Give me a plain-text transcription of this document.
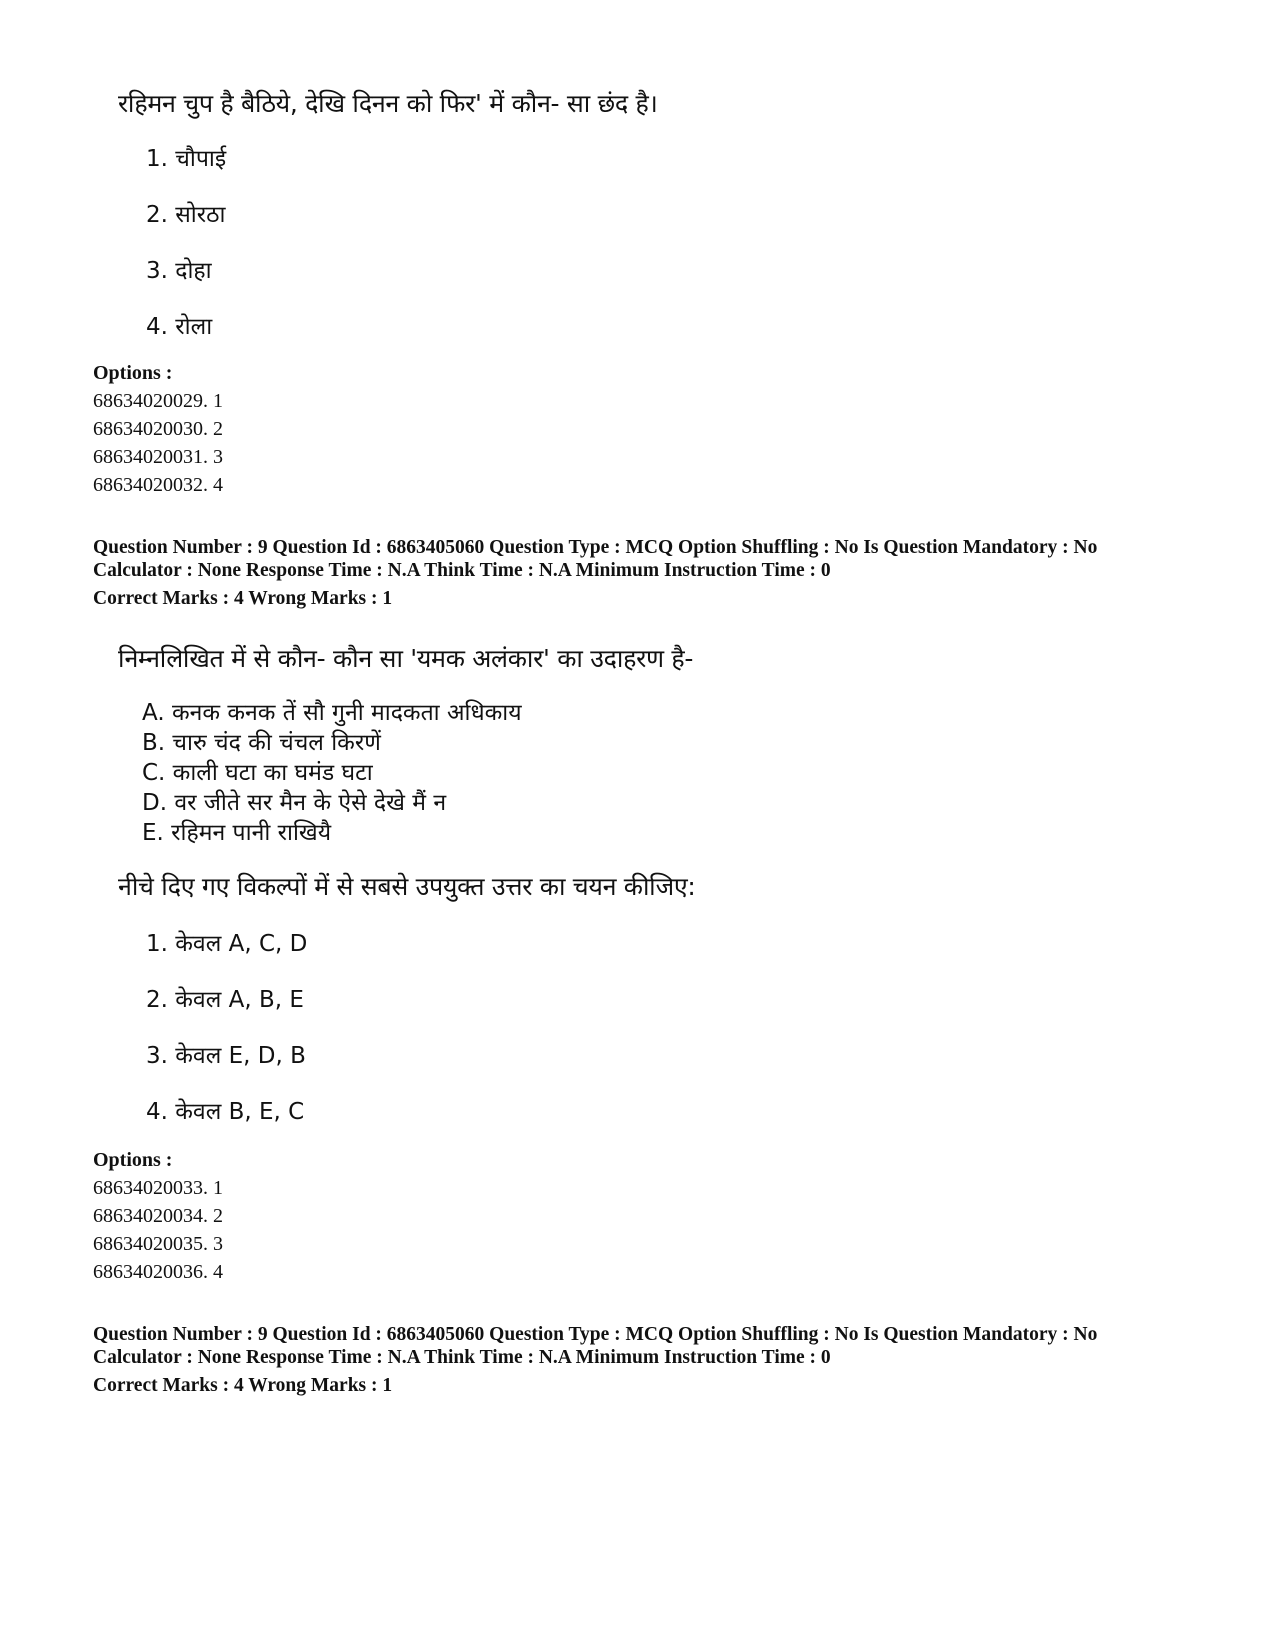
रहिमन चुप है बैठिये, देखि दिनन को फिर' में कौन- सा छंद है।
1. चौपाई
2. सोरठा
3. दोहा
4. रोला
Options :
68634020029. 1
68634020030. 2
68634020031. 3
68634020032. 4
Question Number : 9 Question Id : 6863405060 Question Type : MCQ Option Shuffling : No Is Question Mandatory : No
Calculator : None Response Time : N.A Think Time : N.A Minimum Instruction Time : 0
Correct Marks : 4 Wrong Marks : 1
निम्नलिखित में से कौन- कौन सा 'यमक अलंकार' का उदाहरण है-
A. कनक कनक तें सौ गुनी मादकता अधिकाय
B. चारु चंद की चंचल किरणें
C. काली घटा का घमंड घटा
D. वर जीते सर मैन के ऐसे देखे मैं न
E. रहिमन पानी राखियै
नीचे दिए गए विकल्पों में से सबसे उपयुक्त उत्तर का चयन कीजिए:
1. केवल A, C, D
2. केवल A, B, E
3. केवल E, D, B
4. केवल B, E, C
Options :
68634020033. 1
68634020034. 2
68634020035. 3
68634020036. 4
Question Number : 9 Question Id : 6863405060 Question Type : MCQ Option Shuffling : No Is Question Mandatory : No
Calculator : None Response Time : N.A Think Time : N.A Minimum Instruction Time : 0
Correct Marks : 4 Wrong Marks : 1
